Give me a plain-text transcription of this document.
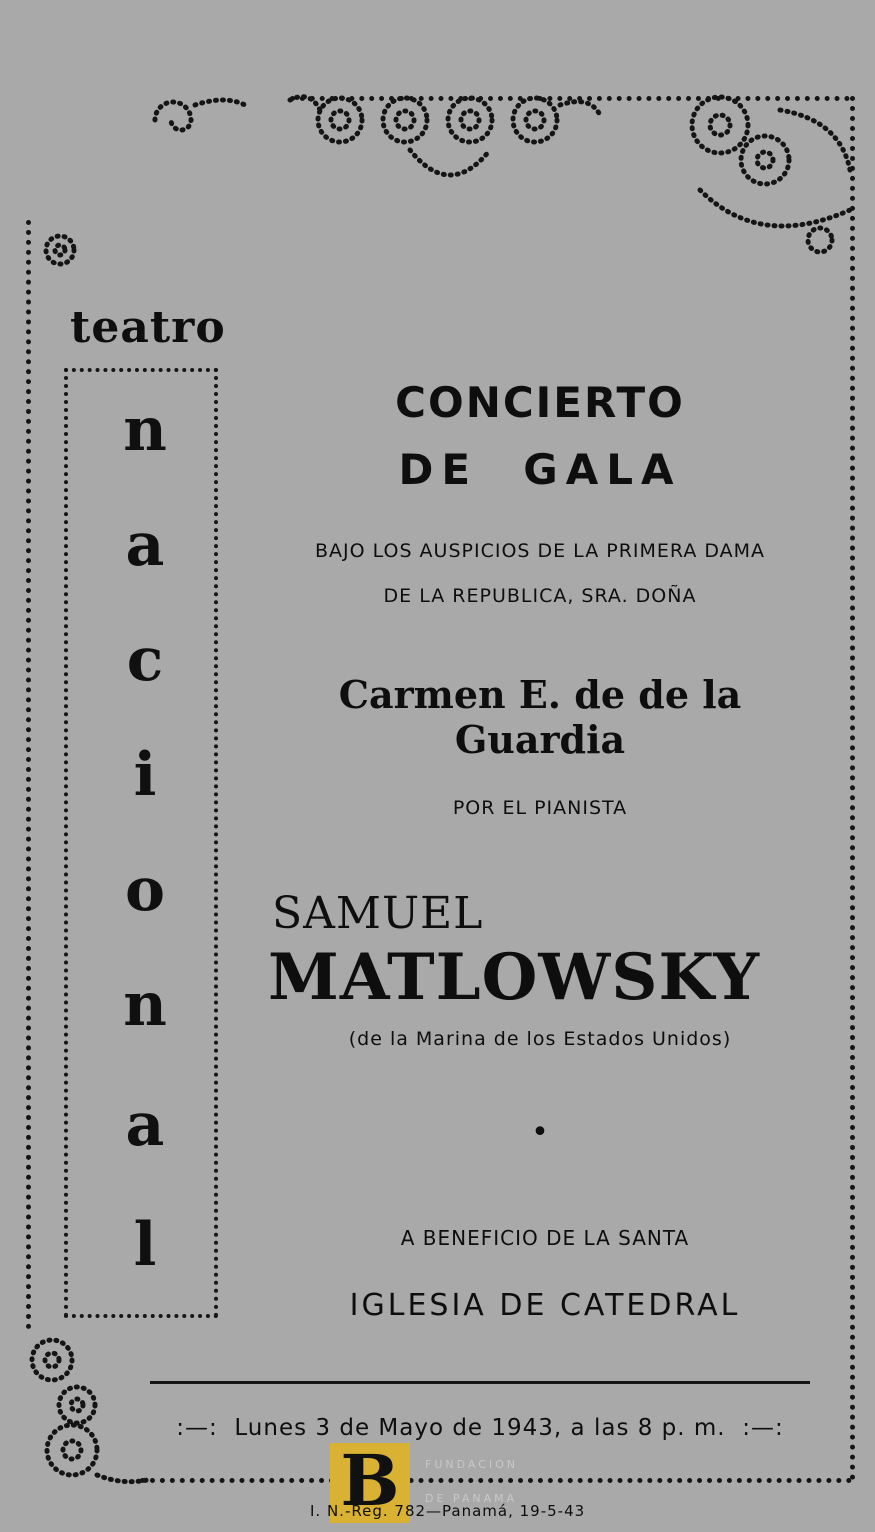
teatro
n
a
c
i
o
n
a
l
CONCIERTO
DE  GALA
BAJO LOS AUSPICIOS DE LA PRIMERA DAMA
DE LA REPUBLICA, SRA. DOÑA
Carmen E. de de la Guardia
POR EL PIANISTA
SAMUEL
MATLOWSKY
(de la Marina de los Estados Unidos)
•
A BENEFICIO DE LA SANTA
IGLESIA DE CATEDRAL
:—:  Lunes 3 de Mayo de 1943, a las 8 p. m.  :—:
B	FUNDACION
DE PANAMA
I. N.-Reg. 782—Panamá, 19-5-43
